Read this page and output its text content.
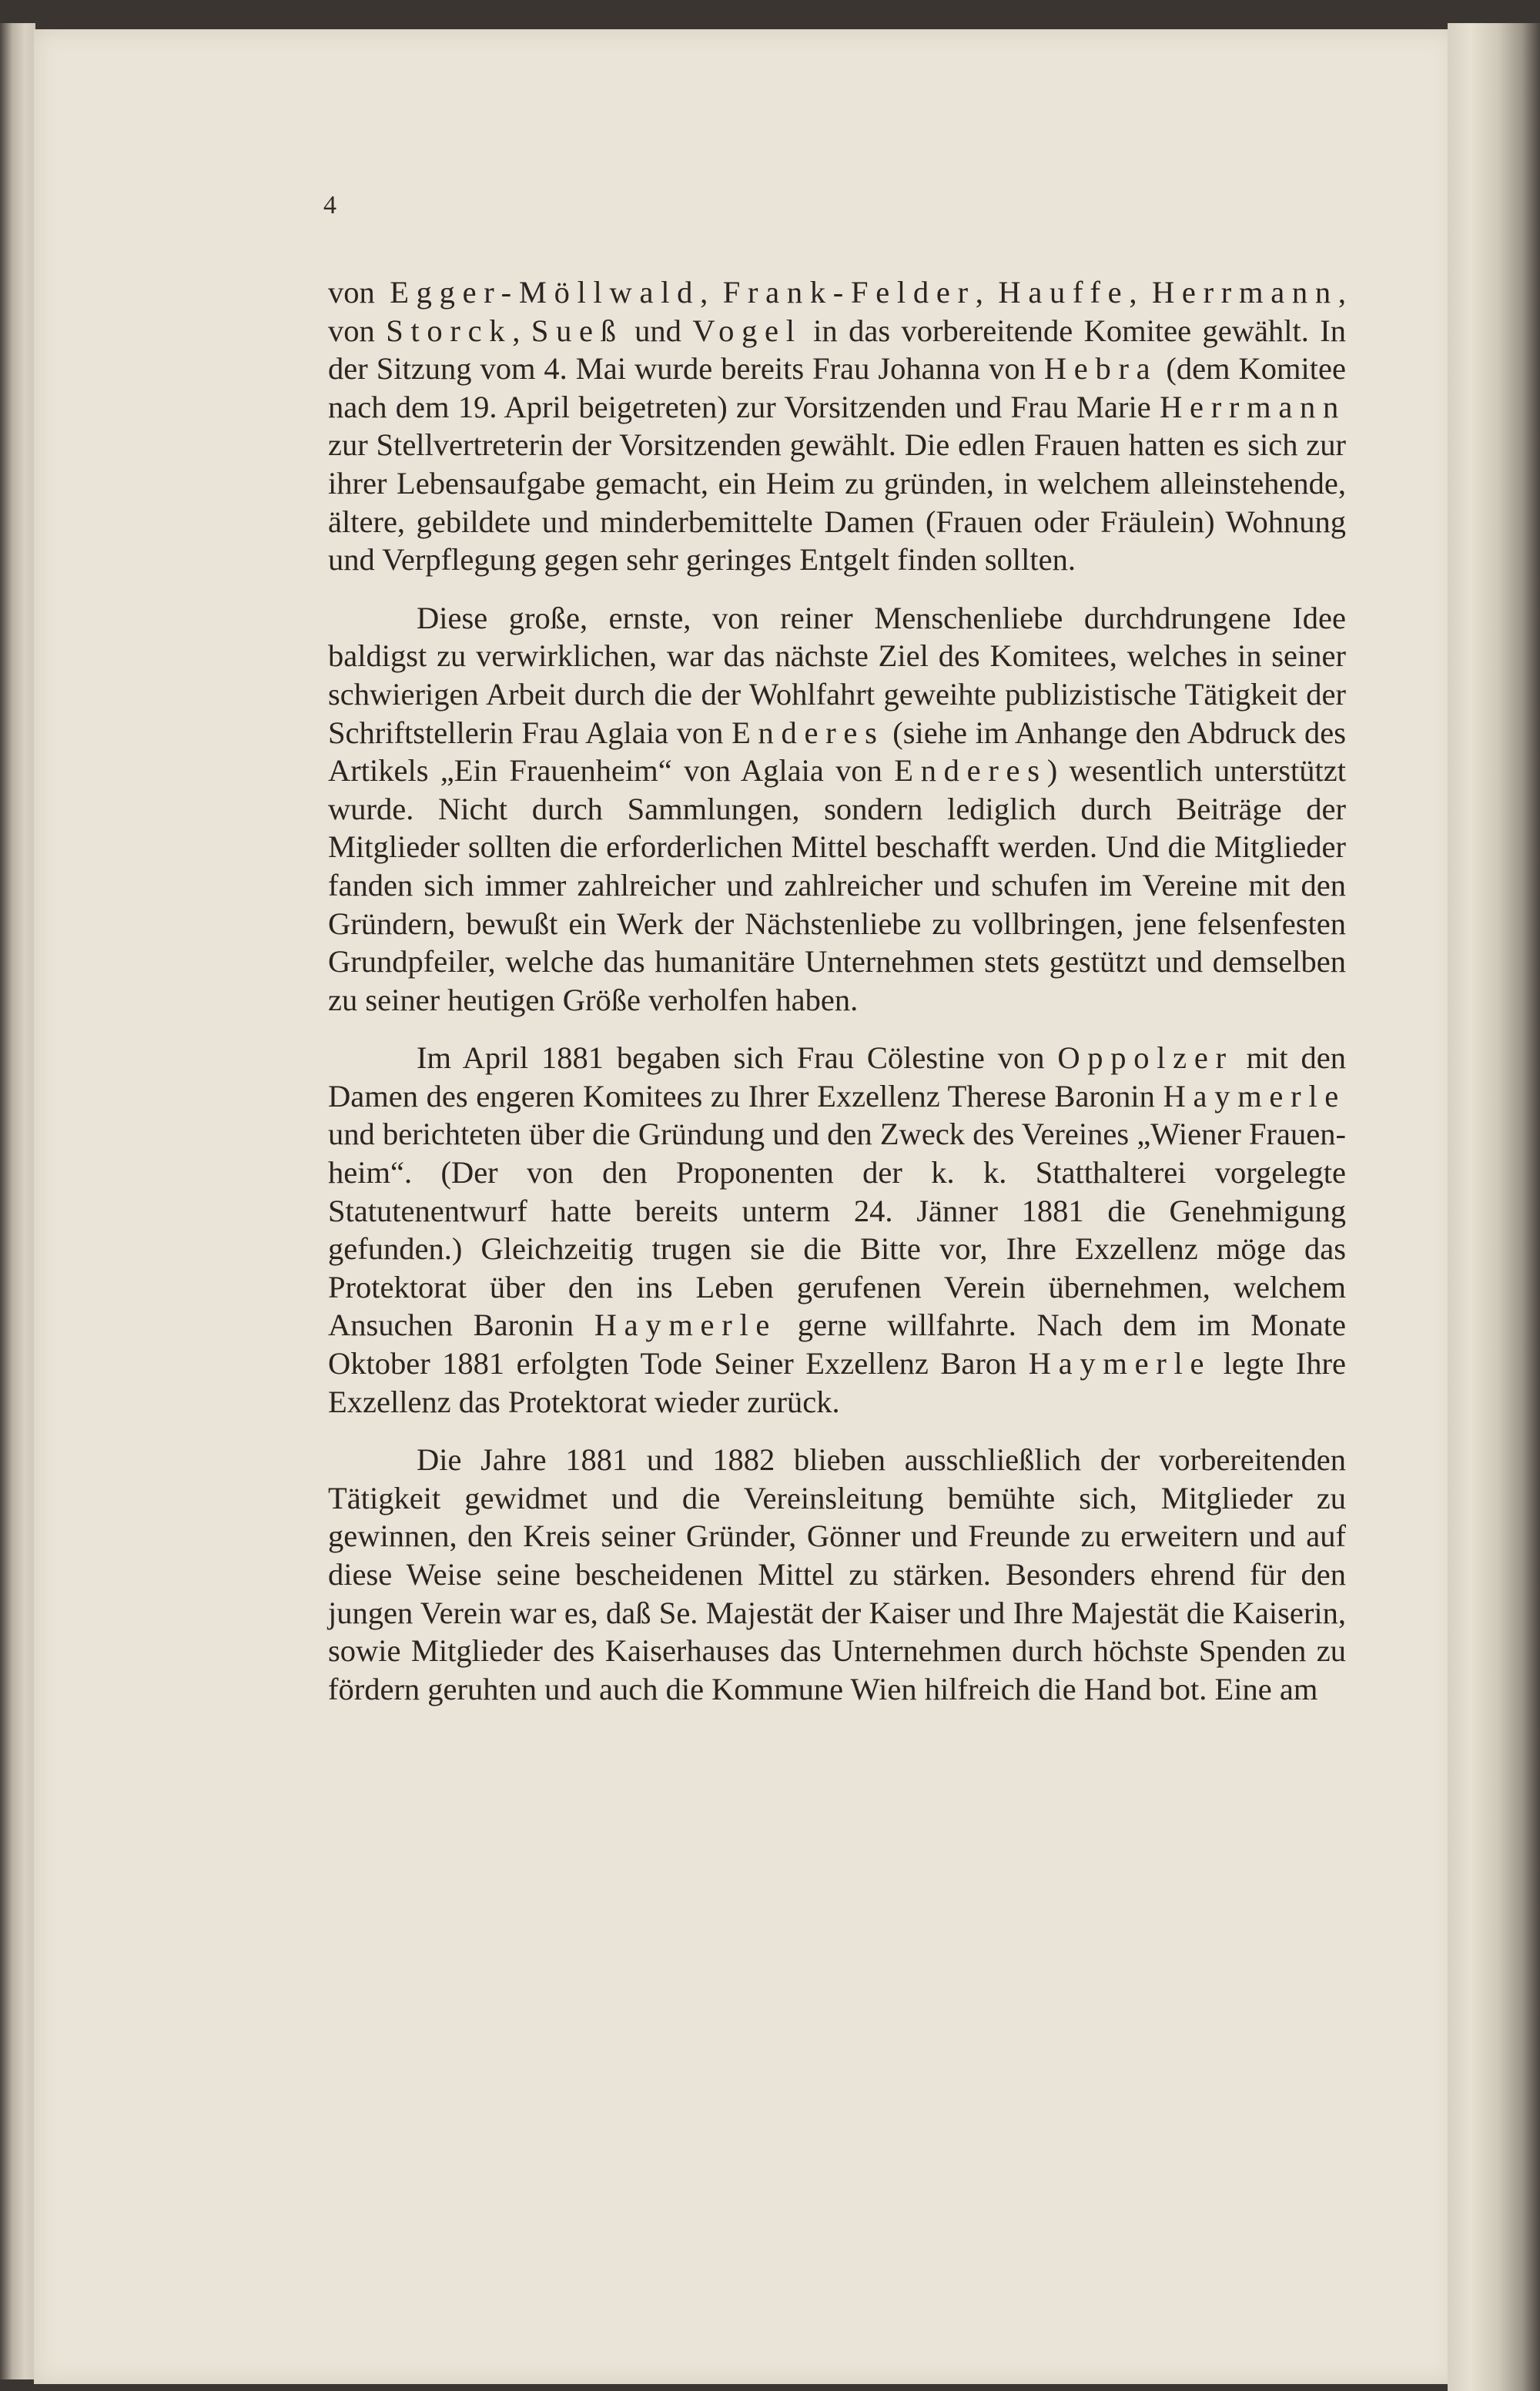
4

von Egger-Möllwald, Frank-Felder, Hauffe, Herrmann, von Storck, Sueß und Vogel in das vorbereitende Komitee gewählt. In der Sitzung vom 4. Mai wurde bereits Frau Johanna von Hebra (dem Komitee nach dem 19. April beigetreten) zur Vorsitzenden und Frau Marie Herrmann zur Stellvertreterin der Vorsitzenden gewählt. Die edlen Frauen hatten es sich zur ihrer Lebensaufgabe gemacht, ein Heim zu gründen, in welchem alleinstehende, ältere, gebildete und minderbemittelte Damen (Frauen oder Fräulein) Wohnung und Verpflegung gegen sehr geringes Entgelt finden sollten.

Diese große, ernste, von reiner Menschenliebe durchdrungene Idee baldigst zu verwirklichen, war das nächste Ziel des Komitees, welches in seiner schwierigen Arbeit durch die der Wohlfahrt geweihte publizistische Tätigkeit der Schriftstellerin Frau Aglaia von Enderes (siehe im Anhange den Abdruck des Artikels „Ein Frauenheim“ von Aglaia von Enderes) wesentlich unterstützt wurde. Nicht durch Sammlungen, sondern lediglich durch Beiträge der Mitglieder sollten die erforderlichen Mittel beschafft werden. Und die Mitglieder fanden sich immer zahlreicher und zahlreicher und schufen im Vereine mit den Gründern, bewußt ein Werk der Nächstenliebe zu vollbringen, jene felsenfesten Grundpfeiler, welche das humanitäre Unternehmen stets gestützt und demselben zu seiner heutigen Größe verholfen haben.

Im April 1881 begaben sich Frau Cölestine von Oppolzer mit den Damen des engeren Komitees zu Ihrer Exzellenz Therese Baronin Haymerle und berichteten über die Gründung und den Zweck des Vereines „Wiener Frauenheim“. (Der von den Proponenten der k. k. Statthalterei vorgelegte Statutenentwurf hatte bereits unterm 24. Jänner 1881 die Genehmigung gefunden.) Gleichzeitig trugen sie die Bitte vor, Ihre Exzellenz möge das Protektorat über den ins Leben gerufenen Verein übernehmen, welchem Ansuchen Baronin Haymerle gerne willfahrte. Nach dem im Monate Oktober 1881 erfolgten Tode Seiner Exzellenz Baron Haymerle legte Ihre Exzellenz das Protektorat wieder zurück.

Die Jahre 1881 und 1882 blieben ausschließlich der vorbereitenden Tätigkeit gewidmet und die Vereinsleitung bemühte sich, Mitglieder zu gewinnen, den Kreis seiner Gründer, Gönner und Freunde zu erweitern und auf diese Weise seine bescheidenen Mittel zu stärken. Besonders ehrend für den jungen Verein war es, daß Se. Majestät der Kaiser und Ihre Majestät die Kaiserin, sowie Mitglieder des Kaiserhauses das Unternehmen durch höchste Spenden zu fördern geruhten und auch die Kommune Wien hilfreich die Hand bot. Eine am
